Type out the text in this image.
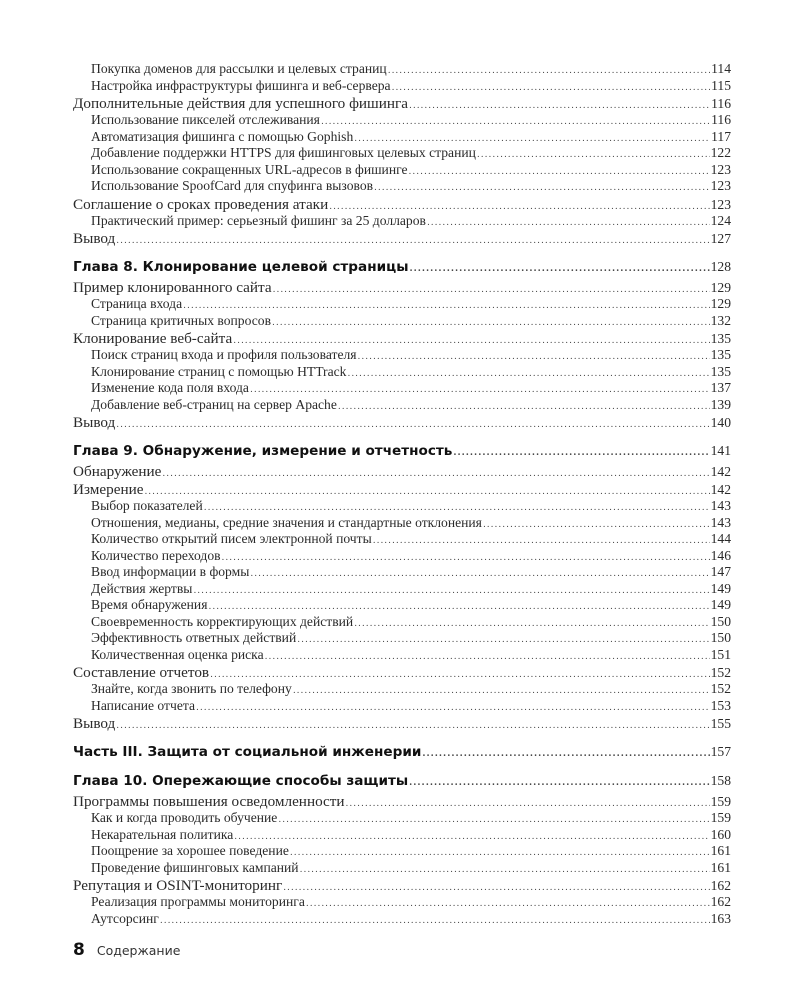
Покупка доменов для рассылки и целевых страниц .....	114
Настройка инфраструктуры фишинга и веб-сервера .....	115
Дополнительные действия для успешного фишинга .....	116
Использование пикселей отслеживания .....	116
Автоматизация фишинга с помощью Gophish .....	117
Добавление поддержки HTTPS для фишинговых целевых страниц .....	122
Использование сокращенных URL-адресов в фишинге .....	123
Использование SpoofCard для спуфинга вызовов .....	123
Соглашение о сроках проведения атаки .....	123
Практический пример: серьезный фишинг за 25 долларов .....	124
Вывод .....	127
Глава 8. Клонирование целевой страницы .....	128
Пример клонированного сайта .....	129
Страница входа .....	129
Страница критичных вопросов .....	132
Клонирование веб-сайта .....	135
Поиск страниц входа и профиля пользователя .....	135
Клонирование страниц с помощью HTTrack .....	135
Изменение кода поля входа .....	137
Добавление веб-страниц на сервер Apache .....	139
Вывод .....	140
Глава 9. Обнаружение, измерение и отчетность .....	141
Обнаружение .....	142
Измерение .....	142
Выбор показателей .....	143
Отношения, медианы, средние значения и стандартные отклонения .....	143
Количество открытий писем электронной почты .....	144
Количество переходов .....	146
Ввод информации в формы .....	147
Действия жертвы .....	149
Время обнаружения .....	149
Своевременность корректирующих действий .....	150
Эффективность ответных действий .....	150
Количественная оценка риска .....	151
Составление отчетов .....	152
Знайте, когда звонить по телефону .....	152
Написание отчета .....	153
Вывод .....	155
Часть III. Защита от социальной инженерии .....	157
Глава 10. Опережающие способы защиты .....	158
Программы повышения осведомленности .....	159
Как и когда проводить обучение .....	159
Некарательная политика .....	160
Поощрение за хорошее поведение .....	161
Проведение фишинговых кампаний .....	161
Репутация и OSINT-мониторинг .....	162
Реализация программы мониторинга .....	162
Аутсорсинг .....	163
8 Содержание
